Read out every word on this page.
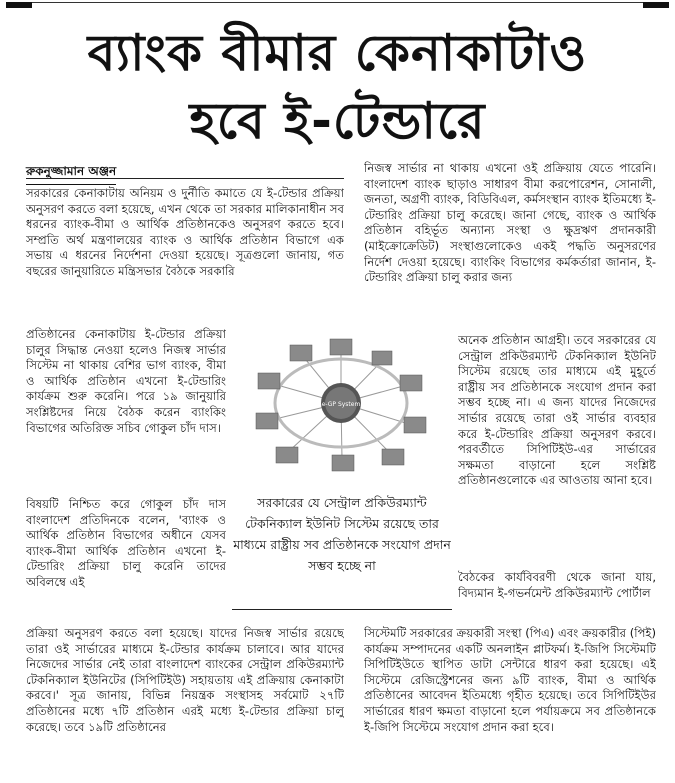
ব্যাংক বীমার কেনাকাটাও
হবে ই-টেন্ডারে
রুকনুজ্জামান অঞ্জন
সরকারের কেনাকাটায় অনিয়ম ও দুর্নীতি কমাতে যে ই-টেন্ডার প্রক্রিয়া অনুসরণ করতে বলা হয়েছে, এখন থেকে তা সরকার মালিকানাধীন সব ধরনের ব্যাংক-বীমা ও আর্থিক প্রতিষ্ঠানকেও অনুসরণ করতে হবে। সম্প্রতি অর্থ মন্ত্রণালয়ের ব্যাংক ও আর্থিক প্রতিষ্ঠান বিভাগে এক সভায় এ ধরনের নির্দেশনা দেওয়া হয়েছে। সূত্রগুলো জানায়, গত বছরের জানুয়ারিতে মন্ত্রিসভার বৈঠকে সরকারি
প্রতিষ্ঠানের কেনাকাটায় ই-টেন্ডার প্রক্রিয়া চালুর সিদ্ধান্ত নেওয়া হলেও নিজস্ব সার্ভার সিস্টেম না থাকায় বেশির ভাগ ব্যাংক, বীমা ও আর্থিক প্রতিষ্ঠান এখনো ই-টেন্ডারিং কার্যক্রম শুরু করেনি। পরে ১৯ জানুয়ারি সংশ্লিষ্টদের নিয়ে বৈঠক করেন ব্যাংকিং বিভাগের অতিরিক্ত সচিব গোকুল চাঁদ দাস।
বিষয়টি নিশ্চিত করে গোকুল চাঁদ দাস বাংলাদেশ প্রতিদিনকে বলেন, 'ব্যাংক ও আর্থিক প্রতিষ্ঠান বিভাগের অধীনে যেসব ব্যাংক-বীমা আর্থিক প্রতিষ্ঠান এখনো ই-টেন্ডারিং প্রক্রিয়া চালু করেনি তাদের অবিলম্বে এই
প্রক্রিয়া অনুসরণ করতে বলা হয়েছে। যাদের নিজস্ব সার্ভার রয়েছে তারা ওই সার্ভারের মাধ্যমে ই-টেন্ডার কার্যক্রম চালাবে। আর যাদের নিজেদের সার্ভার নেই তারা বাংলাদেশ ব্যাংকের সেন্ট্রাল প্রকিউরম্যান্ট টেকনিক্যাল ইউনিটের (সিপিটিইউ) সহায়তায় এই প্রক্রিয়ায় কেনাকাটা করবে।' সূত্র জানায়, বিভিন্ন নিয়ন্ত্রক সংস্থাসহ সর্বমোট ২৭টি প্রতিষ্ঠানের মধ্যে ৭টি প্রতিষ্ঠান এরই মধ্যে ই-টেন্ডার প্রক্রিয়া চালু করেছে। তবে ১৯টি প্রতিষ্ঠানের
নিজস্ব সার্ভার না থাকায় এখনো ওই প্রক্রিয়ায় যেতে পারেনি। বাংলাদেশ ব্যাংক ছাড়াও সাধারণ বীমা করপোরেশন, সোনালী, জনতা, অগ্রণী ব্যাংক, বিডিবিএল, কর্মসংস্থান ব্যাংক ইতিমধ্যে ই-টেন্ডারিং প্রক্রিয়া চালু করেছে। জানা গেছে, ব্যাংক ও আর্থিক প্রতিষ্ঠান বহির্ভূত অন্যান্য সংস্থা ও ক্ষুদ্রঋণ প্রদানকারী (মাইক্রোক্রেডিট) সংস্থাগুলোকেও একই পদ্ধতি অনুসরণের নির্দেশ দেওয়া হয়েছে। ব্যাংকিং বিভাগের কর্মকর্তারা জানান, ই-টেন্ডারিং প্রক্রিয়া চালু করার জন্য
অনেক প্রতিষ্ঠান আগ্রহী। তবে সরকারের যে সেন্ট্রাল প্রকিউরম্যান্ট টেকনিক্যাল ইউনিট সিস্টেম রয়েছে তার মাধ্যমে এই মুহূর্তে রাষ্ট্রীয় সব প্রতিষ্ঠানকে সংযোগ প্রদান করা সম্ভব হচ্ছে না। এ জন্য যাদের নিজেদের সার্ভার রয়েছে তারা ওই সার্ভার ব্যবহার করে ই-টেন্ডারিং প্রক্রিয়া অনুসরণ করবে। পরবর্তীতে সিপিটিইউ-এর সার্ভারের সক্ষমতা বাড়ানো হলে সংশ্লিষ্ট প্রতিষ্ঠানগুলোকে এর আওতায় আনা হবে।
বৈঠকের কার্যবিবরণী থেকে জানা যায়, বিদ্যমান ই-গভর্নমেন্ট প্রকিউরম্যান্ট পোর্টাল
সিস্টেমটি সরকারের ক্রয়কারী সংস্থা (পিএ) এবং ক্রয়কারীর (পিই) কার্যক্রম সম্পাদনের একটি অনলাইন প্লাটফর্ম। ই-জিপি সিস্টেমটি সিপিটিইউতে স্থাপিত ডাটা সেন্টারে ধারণ করা হয়েছে। এই সিস্টেমে রেজিস্ট্রেশনের জন্য ৯টি ব্যাংক, বীমা ও আর্থিক প্রতিষ্ঠানের আবেদন ইতিমধ্যে গৃহীত হয়েছে। তবে সিপিটিইউর সার্ভারের ধারণ ক্ষমতা বাড়ানো হলে পর্যায়ক্রমে সব প্রতিষ্ঠানকে ই-জিপি সিস্টেমে সংযোগ প্রদান করা হবে।
e-GP System
সরকারের যে সেন্ট্রাল প্রকিউরম্যান্ট টেকনিক্যাল ইউনিট সিস্টেম রয়েছে তার মাধ্যমে রাষ্ট্রীয় সব প্রতিষ্ঠানকে সংযোগ প্রদান সম্ভব হচ্ছে না
